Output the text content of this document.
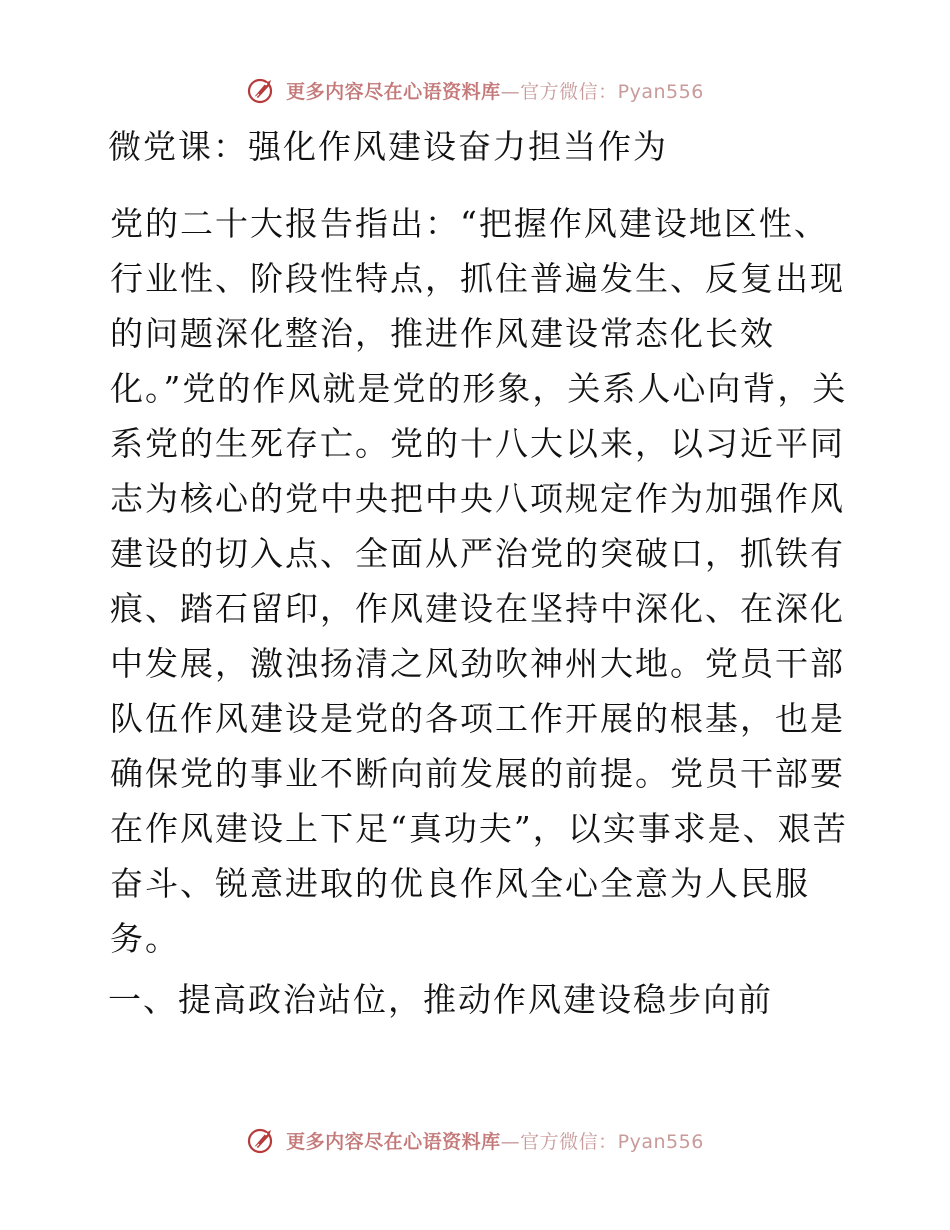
更多内容尽在心语资料库—官方微信：Pyan556
微党课：强化作风建设奋力担当作为
党的二十大报告指出：“把握作风建设地区性、行业性、阶段性特点，抓住普遍发生、反复出现的问题深化整治，推进作风建设常态化长效化。”党的作风就是党的形象，关系人心向背，关系党的生死存亡。党的十八大以来，以习近平同志为核心的党中央把中央八项规定作为加强作风建设的切入点、全面从严治党的突破口，抓铁有痕、踏石留印，作风建设在坚持中深化、在深化中发展，激浊扬清之风劲吹神州大地。党员干部队伍作风建设是党的各项工作开展的根基，也是确保党的事业不断向前发展的前提。党员干部要在作风建设上下足“真功夫”，以实事求是、艰苦奋斗、锐意进取的优良作风全心全意为人民服务。
一、提高政治站位，推动作风建设稳步向前
更多内容尽在心语资料库—官方微信：Pyan556
